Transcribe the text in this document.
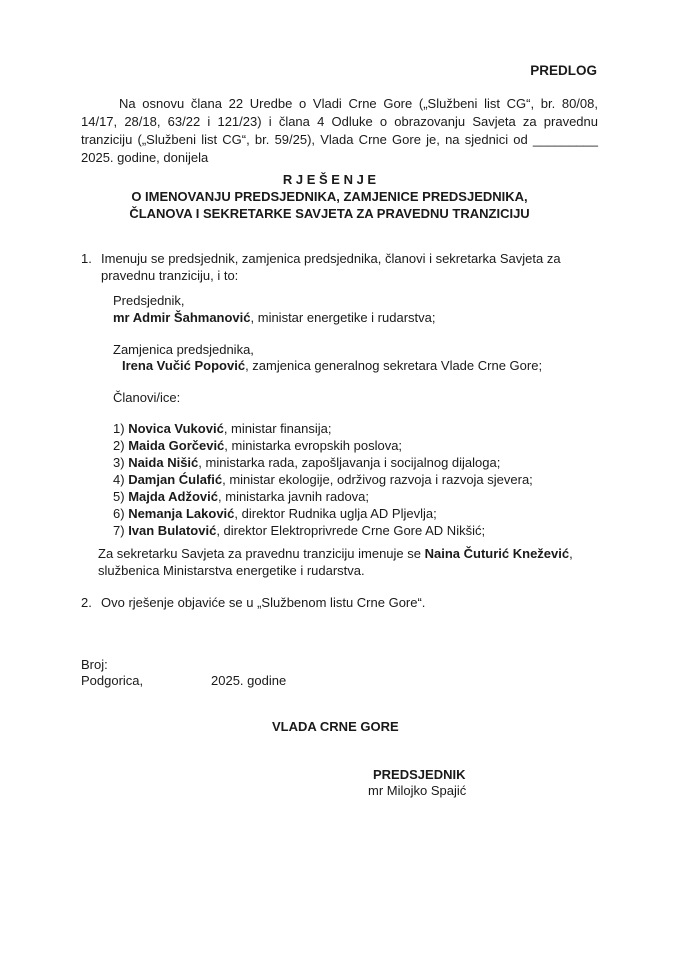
PREDLOG
Na osnovu člana 22 Uredbe o Vladi Crne Gore („Službeni list CG“, br. 80/08, 14/17, 28/18, 63/22 i 121/23) i člana 4 Odluke o obrazovanju Savjeta za pravednu tranziciju („Službeni list CG“, br. 59/25), Vlada Crne Gore je, na sjednici od _________ 2025. godine, donijela
R J E Š E N J E
O IMENOVANJU PREDSJEDNIKA, ZAMJENICE PREDSJEDNIKA,
ČLANOVA I SEKRETARKE SAVJETA ZA PRAVEDNU TRANZICIJU
1. Imenuju se predsjednik, zamjenica predsjednika, članovi i sekretarka Savjeta za
pravednu tranziciju, i to:
Predsjednik,
mr Admir Šahmanović, ministar energetike i rudarstva;
Zamjenica predsjednika,
Irena Vučić Popović, zamjenica generalnog sekretara Vlade Crne Gore;
Članovi/ice:
1) Novica Vuković, ministar finansija;
2) Maida Gorčević, ministarka evropskih poslova;
3) Naida Nišić, ministarka rada, zapošljavanja i socijalnog dijaloga;
4) Damjan Ćulafić, ministar ekologije, održivog razvoja i razvoja sjevera;
5) Majda Adžović, ministarka javnih radova;
6) Nemanja Laković, direktor Rudnika uglja AD Pljevlja;
7) Ivan Bulatović, direktor Elektroprivrede Crne Gore AD Nikšić;
Za sekretarku Savjeta za pravednu tranziciju imenuje se Naina Čuturić Knežević,
službenica Ministarstva energetike i rudarstva.
2. Ovo rješenje objaviće se u „Službenom listu Crne Gore“.
Broj:
Podgorica,	2025. godine
VLADA CRNE GORE
PREDSJEDNIK
mr Milojko Spajić
